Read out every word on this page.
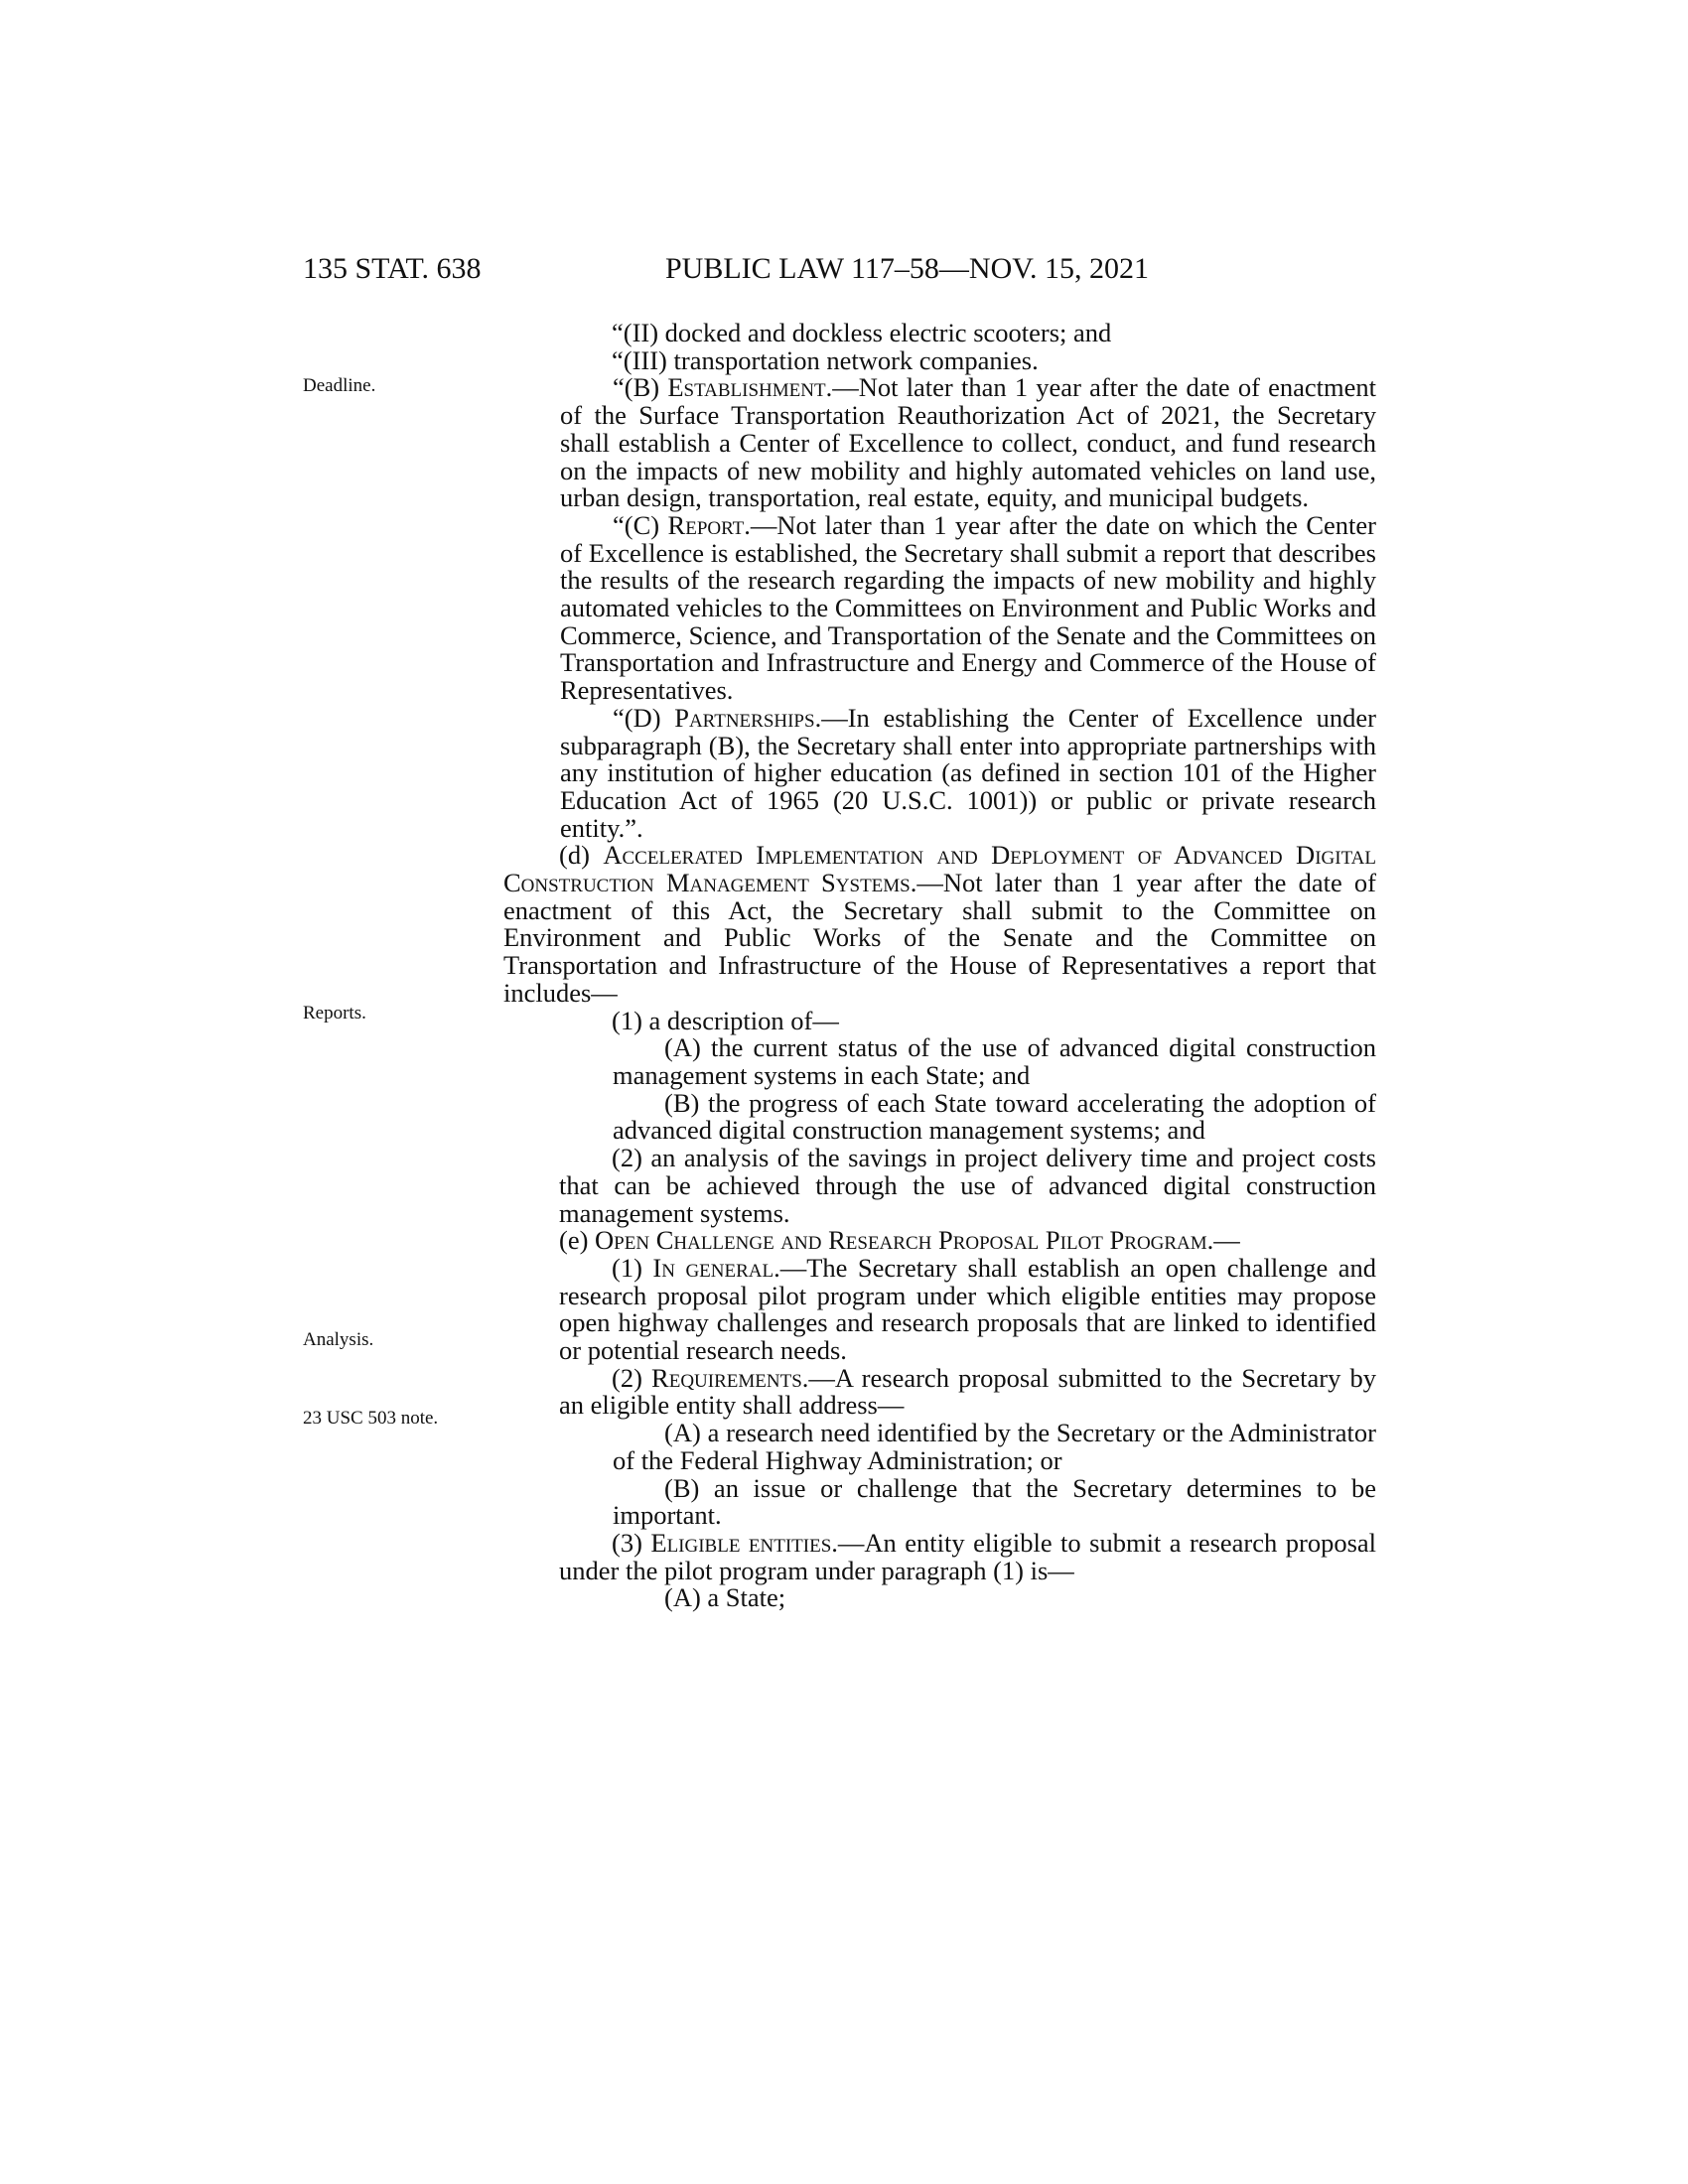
135 STAT. 638	PUBLIC LAW 117–58—NOV. 15, 2021
Deadline.
Reports.
Analysis.
23 USC 503 note.
“(II) docked and dockless electric scooters; and
“(III) transportation network companies.
“(B) Establishment.—Not later than 1 year after the date of enactment of the Surface Transportation Reauthorization Act of 2021, the Secretary shall establish a Center of Excellence to collect, conduct, and fund research on the impacts of new mobility and highly automated vehicles on land use, urban design, transportation, real estate, equity, and municipal budgets.
“(C) Report.—Not later than 1 year after the date on which the Center of Excellence is established, the Secretary shall submit a report that describes the results of the research regarding the impacts of new mobility and highly automated vehicles to the Committees on Environment and Public Works and Commerce, Science, and Transportation of the Senate and the Committees on Transportation and Infrastructure and Energy and Commerce of the House of Representatives.
“(D) Partnerships.—In establishing the Center of Excellence under subparagraph (B), the Secretary shall enter into appropriate partnerships with any institution of higher education (as defined in section 101 of the Higher Education Act of 1965 (20 U.S.C. 1001)) or public or private research entity.”.
(d) Accelerated Implementation and Deployment of Advanced Digital Construction Management Systems.—Not later than 1 year after the date of enactment of this Act, the Secretary shall submit to the Committee on Environment and Public Works of the Senate and the Committee on Transportation and Infrastructure of the House of Representatives a report that includes—
(1) a description of—
(A) the current status of the use of advanced digital construction management systems in each State; and
(B) the progress of each State toward accelerating the adoption of advanced digital construction management systems; and
(2) an analysis of the savings in project delivery time and project costs that can be achieved through the use of advanced digital construction management systems.
(e) Open Challenge and Research Proposal Pilot Program.—
(1) In general.—The Secretary shall establish an open challenge and research proposal pilot program under which eligible entities may propose open highway challenges and research proposals that are linked to identified or potential research needs.
(2) Requirements.—A research proposal submitted to the Secretary by an eligible entity shall address—
(A) a research need identified by the Secretary or the Administrator of the Federal Highway Administration; or
(B) an issue or challenge that the Secretary determines to be important.
(3) Eligible entities.—An entity eligible to submit a research proposal under the pilot program under paragraph (1) is—
(A) a State;
